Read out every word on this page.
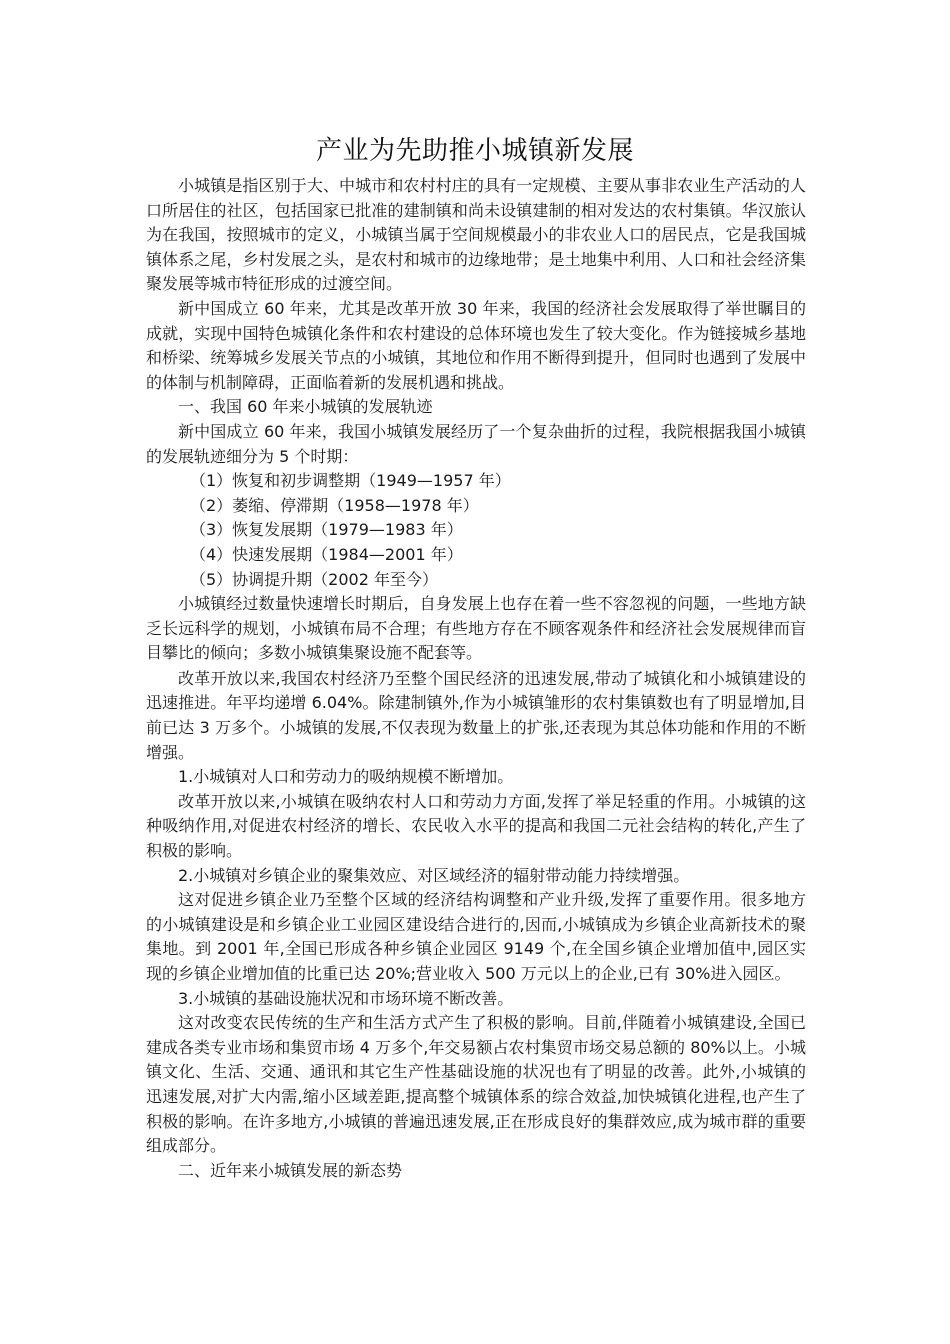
产业为先助推小城镇新发展

小城镇是指区别于大、中城市和农村村庄的具有一定规模、主要从事非农业生产活动的人口所居住的社区，包括国家已批准的建制镇和尚未设镇建制的相对发达的农村集镇。华汉旅认为在我国，按照城市的定义，小城镇当属于空间规模最小的非农业人口的居民点，它是我国城镇体系之尾，乡村发展之头，是农村和城市的边缘地带；是土地集中利用、人口和社会经济集聚发展等城市特征形成的过渡空间。

新中国成立 60 年来，尤其是改革开放 30 年来，我国的经济社会发展取得了举世瞩目的成就，实现中国特色城镇化条件和农村建设的总体环境也发生了较大变化。作为链接城乡基地和桥梁、统筹城乡发展关节点的小城镇，其地位和作用不断得到提升，但同时也遇到了发展中的体制与机制障碍，正面临着新的发展机遇和挑战。

一、我国 60 年来小城镇的发展轨迹

新中国成立 60 年来，我国小城镇发展经历了一个复杂曲折的过程，我院根据我国小城镇的发展轨迹细分为 5 个时期：

（1）恢复和初步调整期（1949—1957 年）

（2）萎缩、停滞期（1958—1978 年）

（3）恢复发展期（1979—1983 年）

（4）快速发展期（1984—2001 年）

（5）协调提升期（2002 年至今）

小城镇经过数量快速增长时期后，自身发展上也存在着一些不容忽视的问题，一些地方缺乏长远科学的规划，小城镇布局不合理；有些地方存在不顾客观条件和经济社会发展规律而盲目攀比的倾向；多数小城镇集聚设施不配套等。

改革开放以来,我国农村经济乃至整个国民经济的迅速发展,带动了城镇化和小城镇建设的迅速推进。年平均递增 6.04%。除建制镇外,作为小城镇雏形的农村集镇数也有了明显增加,目前已达 3 万多个。小城镇的发展,不仅表现为数量上的扩张,还表现为其总体功能和作用的不断增强。

1.小城镇对人口和劳动力的吸纳规模不断增加。

改革开放以来,小城镇在吸纳农村人口和劳动力方面,发挥了举足轻重的作用。小城镇的这种吸纳作用,对促进农村经济的增长、农民收入水平的提高和我国二元社会结构的转化,产生了积极的影响。

2.小城镇对乡镇企业的聚集效应、对区域经济的辐射带动能力持续增强。

这对促进乡镇企业乃至整个区域的经济结构调整和产业升级,发挥了重要作用。很多地方的小城镇建设是和乡镇企业工业园区建设结合进行的,因而,小城镇成为乡镇企业高新技术的聚集地。到 2001 年,全国已形成各种乡镇企业园区 9149 个,在全国乡镇企业增加值中,园区实现的乡镇企业增加值的比重已达 20%;营业收入 500 万元以上的企业,已有 30%进入园区。

3.小城镇的基础设施状况和市场环境不断改善。

这对改变农民传统的生产和生活方式产生了积极的影响。目前,伴随着小城镇建设,全国已建成各类专业市场和集贸市场 4 万多个,年交易额占农村集贸市场交易总额的 80%以上。小城镇文化、生活、交通、通讯和其它生产性基础设施的状况也有了明显的改善。此外,小城镇的迅速发展,对扩大内需,缩小区域差距,提高整个城镇体系的综合效益,加快城镇化进程,也产生了积极的影响。在许多地方,小城镇的普遍迅速发展,正在形成良好的集群效应,成为城市群的重要组成部分。

二、近年来小城镇发展的新态势
